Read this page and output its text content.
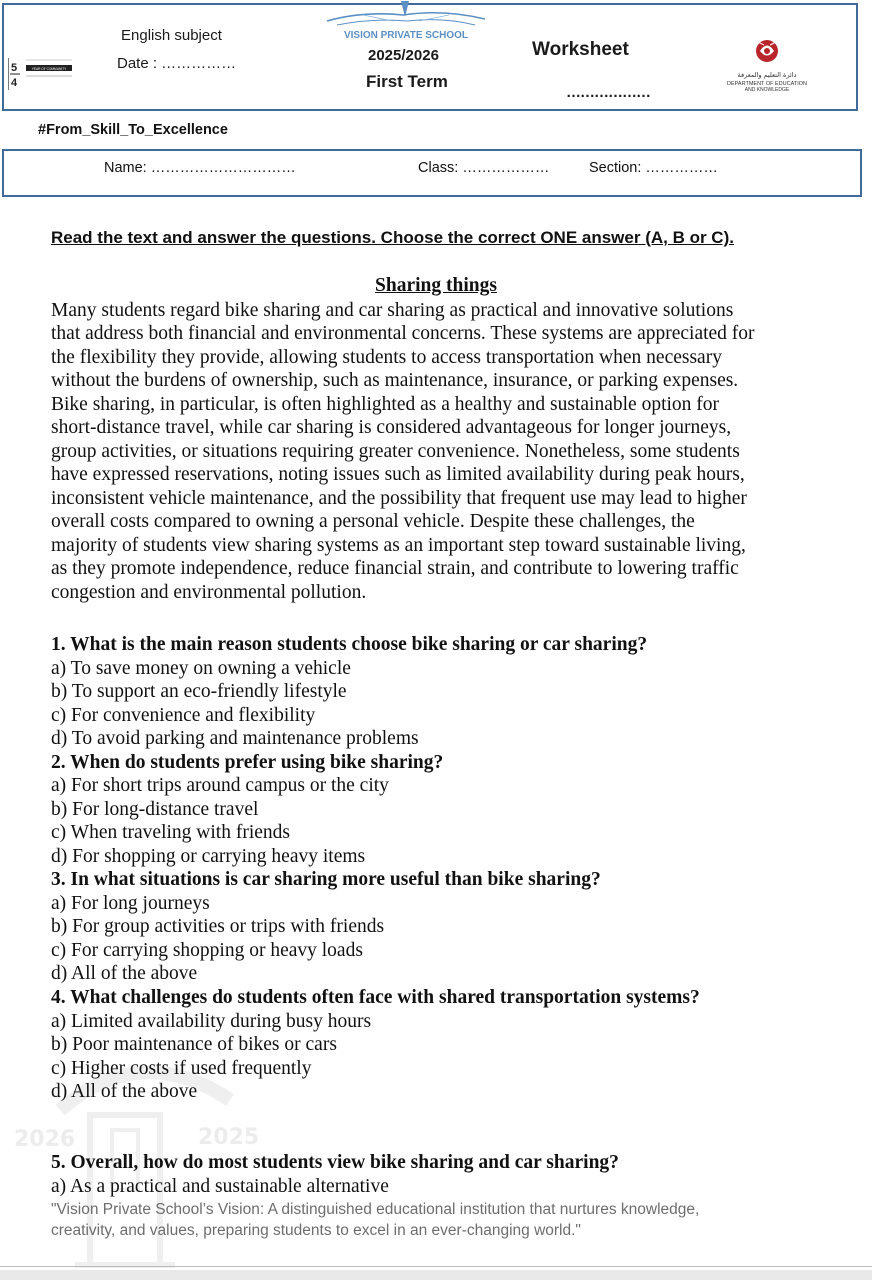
5
4
YEAR OF COMMUNITY
English subject
Date : ……………
VISION PRIVATE SCHOOL
2025/2026
First Term
Worksheet
………………
دائرة التعليم والمعرفة
DEPARTMENT OF EDUCATION
AND KNOWLEDGE
#From_Skill_To_Excellence
Name: …………………………	Class: ………………	Section: ……………
Read the text and answer the questions. Choose the correct ONE answer (A, B or C).
Sharing things
Many students regard bike sharing and car sharing as practical and innovative solutions
that address both financial and environmental concerns. These systems are appreciated for
the flexibility they provide, allowing students to access transportation when necessary
without the burdens of ownership, such as maintenance, insurance, or parking expenses.
Bike sharing, in particular, is often highlighted as a healthy and sustainable option for
short-distance travel, while car sharing is considered advantageous for longer journeys,
group activities, or situations requiring greater convenience. Nonetheless, some students
have expressed reservations, noting issues such as limited availability during peak hours,
inconsistent vehicle maintenance, and the possibility that frequent use may lead to higher
overall costs compared to owning a personal vehicle. Despite these challenges, the
majority of students view sharing systems as an important step toward sustainable living,
as they promote independence, reduce financial strain, and contribute to lowering traffic
congestion and environmental pollution.
2026	2025
1. What is the main reason students choose bike sharing or car sharing?
a) To save money on owning a vehicle
b) To support an eco-friendly lifestyle
c) For convenience and flexibility
d) To avoid parking and maintenance problems
2. When do students prefer using bike sharing?
a) For short trips around campus or the city
b) For long-distance travel
c) When traveling with friends
d) For shopping or carrying heavy items
3. In what situations is car sharing more useful than bike sharing?
a) For long journeys
b) For group activities or trips with friends
c) For carrying shopping or heavy loads
d) All of the above
4. What challenges do students often face with shared transportation systems?
a) Limited availability during busy hours
b) Poor maintenance of bikes or cars
c) Higher costs if used frequently
d) All of the above
5. Overall, how do most students view bike sharing and car sharing?
a) As a practical and sustainable alternative
"Vision Private School’s Vision: A distinguished educational institution that nurtures knowledge,
creativity, and values, preparing students to excel in an ever-changing world."
